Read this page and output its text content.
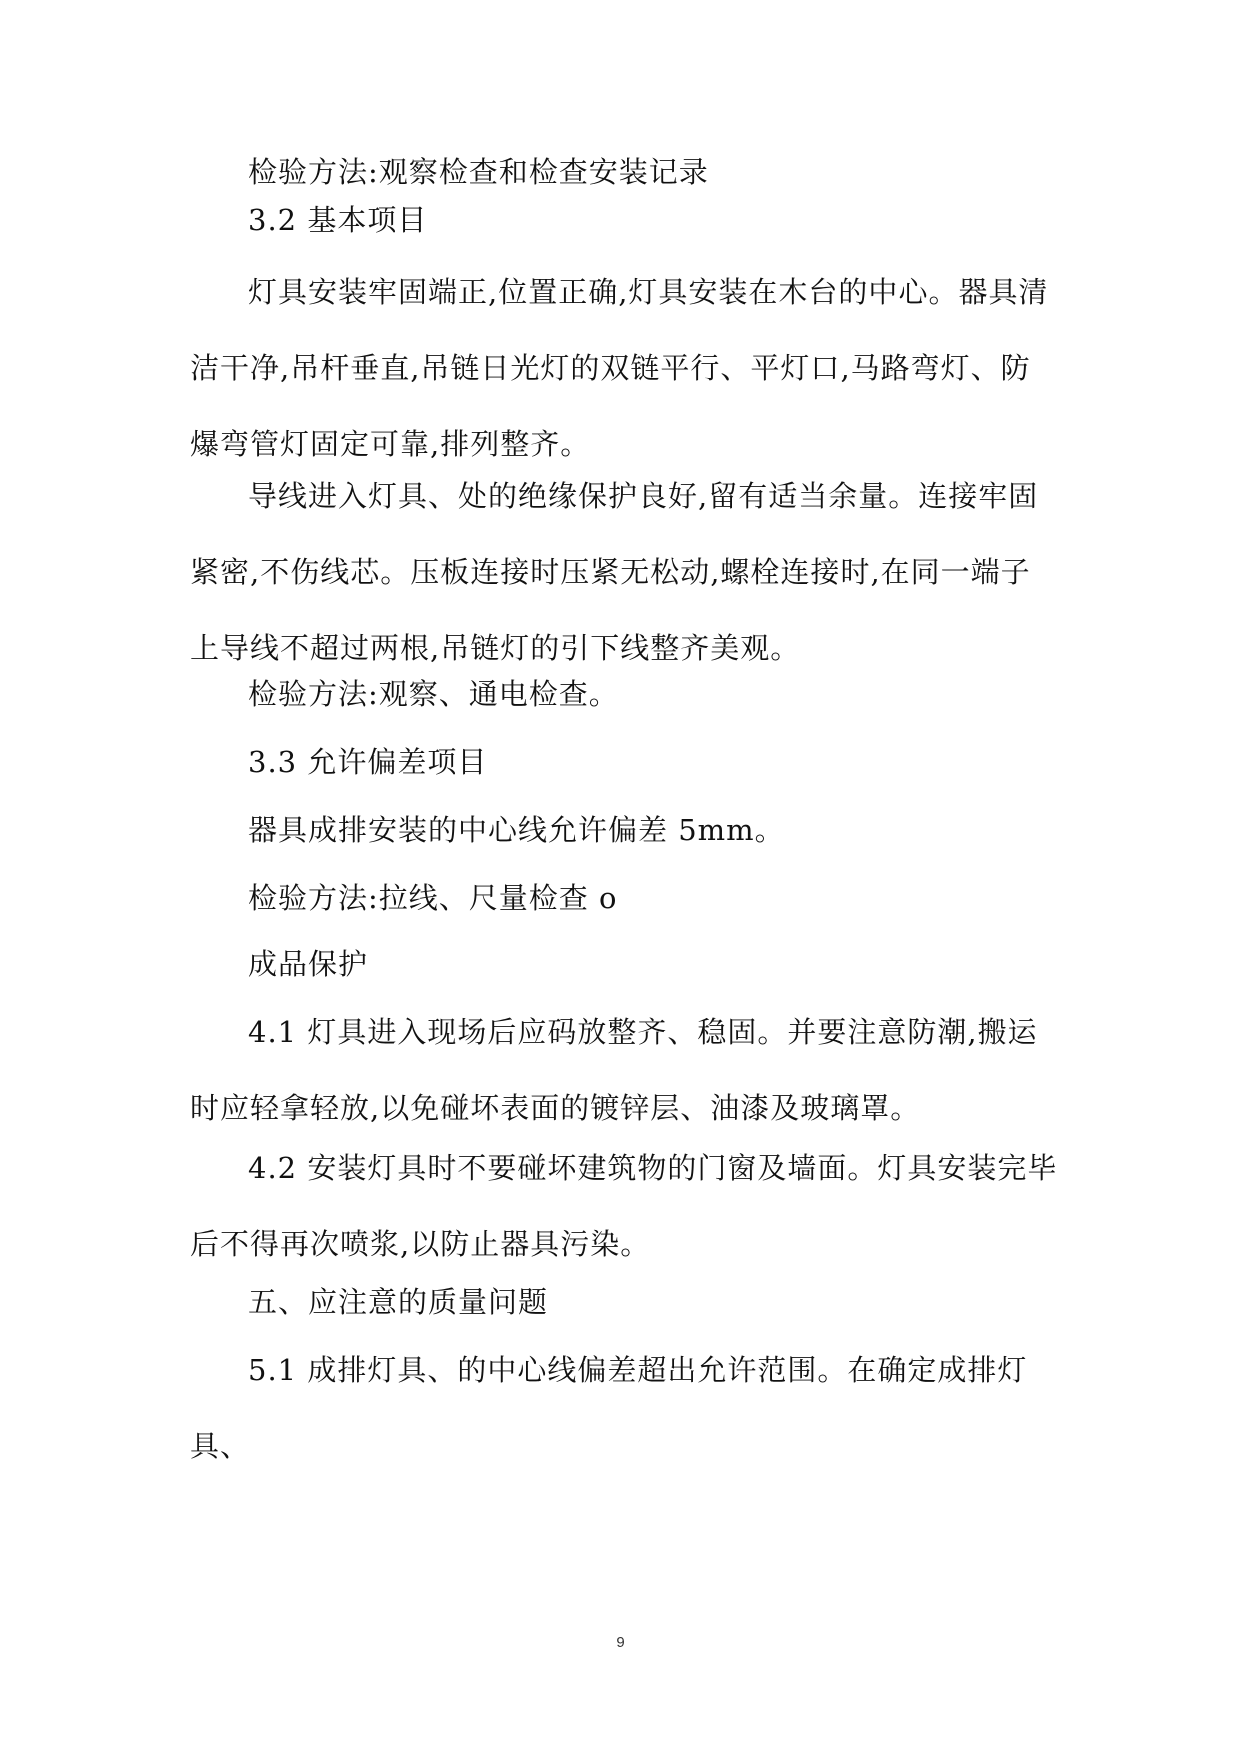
检验方法:观察检查和检查安装记录

3.2 基本项目

灯具安装牢固端正,位置正确,灯具安装在木台的中心。器具清洁干净,吊杆垂直,吊链日光灯的双链平行、平灯口,马路弯灯、防爆弯管灯固定可靠,排列整齐。

导线进入灯具、处的绝缘保护良好,留有适当余量。连接牢固紧密,不伤线芯。压板连接时压紧无松动,螺栓连接时,在同一端子上导线不超过两根,吊链灯的引下线整齐美观。

检验方法:观察、通电检查。

3.3 允许偏差项目

器具成排安装的中心线允许偏差 5mm。

检验方法:拉线、尺量检查 o

成品保护

4.1 灯具进入现场后应码放整齐、稳固。并要注意防潮,搬运时应轻拿轻放,以免碰坏表面的镀锌层、油漆及玻璃罩。

4.2 安装灯具时不要碰坏建筑物的门窗及墙面。灯具安装完毕后不得再次喷浆,以防止器具污染。

五、应注意的质量问题

5.1 成排灯具、的中心线偏差超出允许范围。在确定成排灯具、

9
